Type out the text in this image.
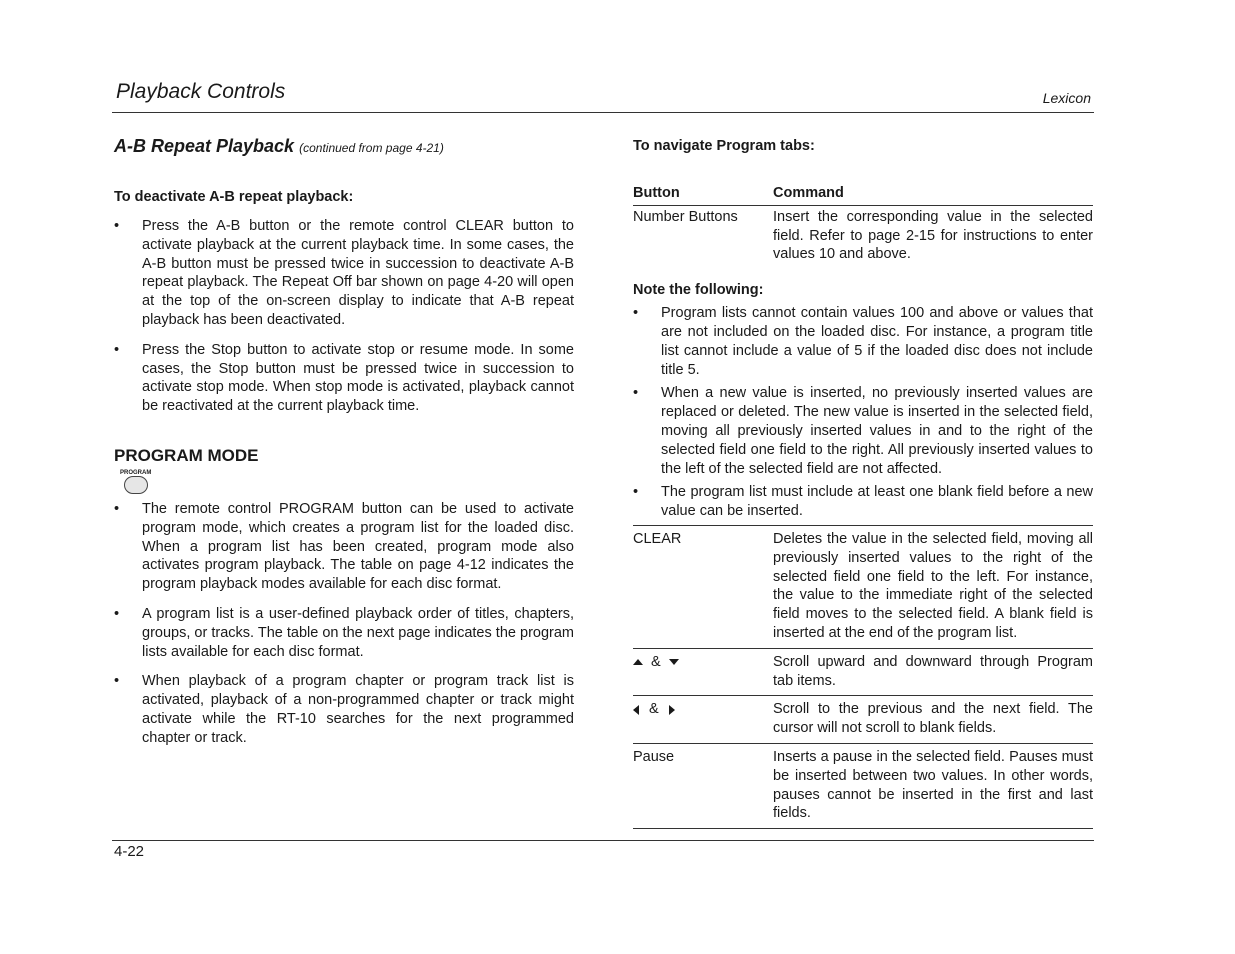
Playback Controls	Lexicon
A-B Repeat Playback (continued from page 4-21)

To deactivate A-B repeat playback:

• Press the A-B button or the remote control CLEAR button to activate playback at the current playback time. In some cases, the A-B button must be pressed twice in succession to deactivate A-B repeat playback. The Repeat Off bar shown on page 4-20 will open at the top of the on-screen display to indicate that A-B repeat playback has been deactivated.
• Press the Stop button to activate stop or resume mode. In some cases, the Stop button must be pressed twice in succession to activate stop mode. When stop mode is activated, playback cannot be reactivated at the current playback time.

PROGRAM MODE

PROGRAM
• The remote control PROGRAM button can be used to activate program mode, which creates a program list for the loaded disc. When a program list has been created, program mode also activates program playback. The table on page 4-12 indicates the program playback modes available for each disc format.
• A program list is a user-defined playback order of titles, chapters, groups, or tracks. The table on the next page indicates the program lists available for each disc format.
• When playback of a program chapter or program track list is activated, playback of a non-programmed chapter or track might activate while the RT-10 searches for the next programmed chapter or track.

To navigate Program tabs:

Button	Command
Number Buttons	Insert the corresponding value in the selected field. Refer to page 2-15 for instructions to enter values 10 and above.

Note the following:

• Program lists cannot contain values 100 and above or values that are not included on the loaded disc. For instance, a program title list cannot include a value of 5 if the loaded disc does not include title 5.
• When a new value is inserted, no previously inserted values are replaced or deleted. The new value is inserted in the selected field, moving all previously inserted values in and to the right of the selected field one field to the right. All previously inserted values to the left of the selected field are not affected.
• The program list must include at least one blank field before a new value can be inserted.
CLEAR	Deletes the value in the selected field, moving all previously inserted values to the right of the selected field one field to the left. For instance, the value to the immediate right of the selected field moves to the selected field. A blank field is inserted at the end of the program list.
&	Scroll upward and downward through Program tab items.
&	Scroll to the previous and the next field. The cursor will not scroll to blank fields.
Pause	Inserts a pause in the selected field. Pauses must be inserted between two values. In other words, pauses cannot be inserted in the first and last fields.
4-22
